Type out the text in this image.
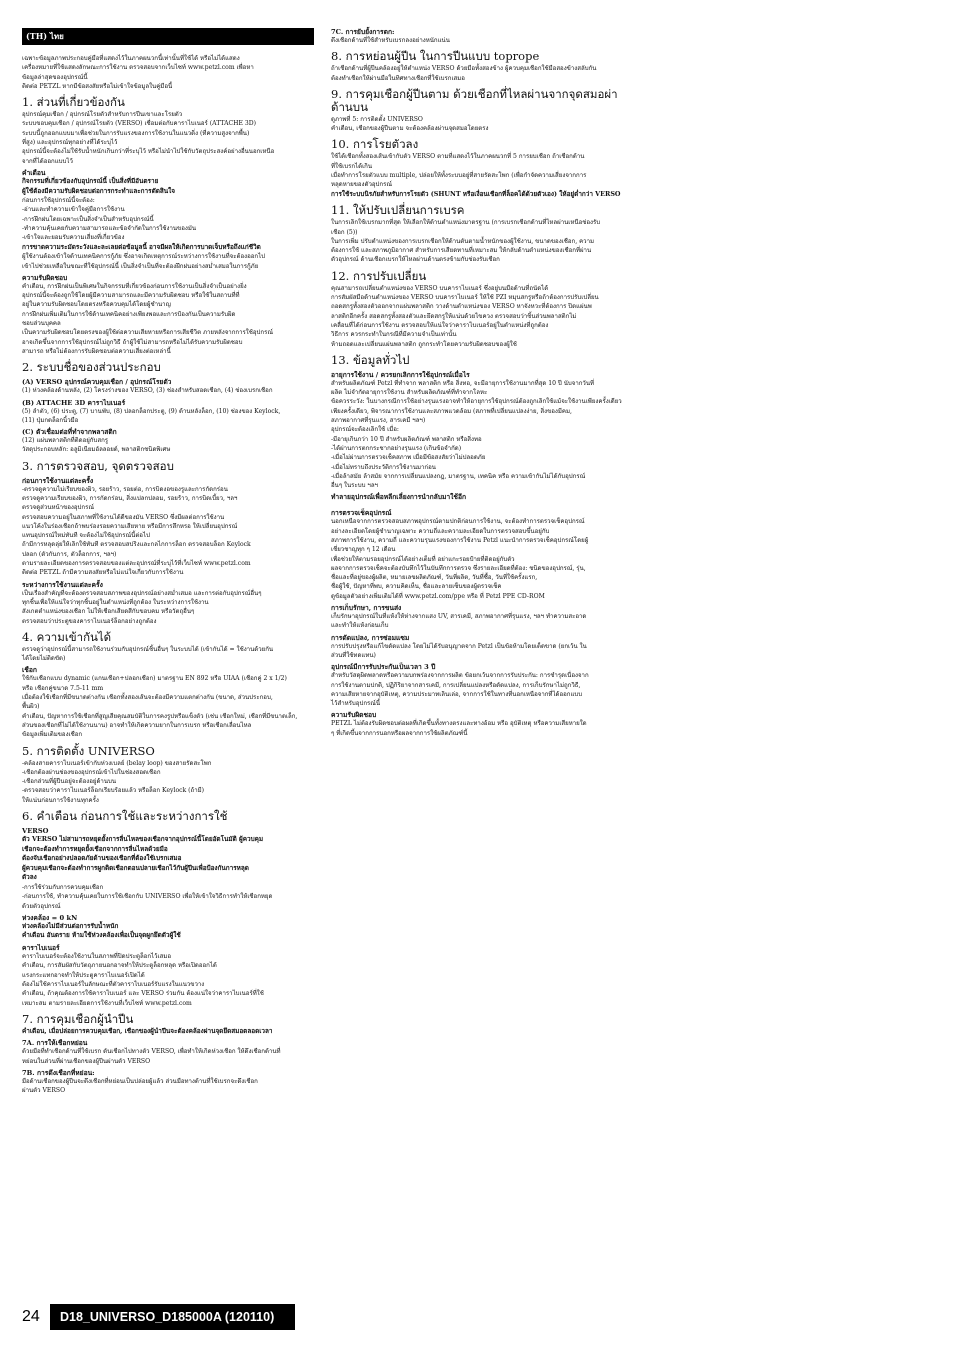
(TH) ไทย

เฉพาะข้อมูลภาพประกอบคู่มือที่แสดงไว้ในภาคผนวกนี้เท่านั้นที่ใช้ได้ หรือไม่ได้แสดง

เครื่องหมายที่ใช้แสดงลักษณะการใช้งาน ตรวจสอบจากเว็บไซท์ www.petzl.com เพื่อหา

ข้อมูลล่าสุดของอุปกรณ์นี้

ติดต่อ PETZL หากมีข้อสงสัยหรือไม่เข้าใจข้อมูลในคู่มือนี้

1. ส่วนที่เกี่ยวข้องกัน

อุปกรณ์คุมเชือก / อุปกรณ์โรยตัวสำหรับการปีนเขาและโรยตัว

ระบบขอบคุมเชือก / อุปกรณ์โรยตัว (VERSO) เชื่อมต่อกับคาราไบเนอร์ (ATTACHE 3D)

ระบบนี้ถูกออกแบบมาเพื่อช่วยในการรับแรงของการใช้งานในแนวดิ่ง (ที่ความสูงจากพื้น)

ที่สูง) และอุปกรณ์ทุกอย่างที่ได้ระบุไว้

อุปกรณ์นี้จะต้องไม่ใช้รับน้ำหนักเกินกว่าที่ระบุไว้ หรือไม่นำไปใช้กับวัตถุประสงค์อย่างอื่นนอกเหนือ

จากที่ได้ออกแบบไว้

คำเตือน

กิจกรรมที่เกี่ยวข้องกับอุปกรณ์นี้ เป็นสิ่งที่มีอันตราย

ผู้ใช้ต้องมีความรับผิดชอบต่อการกระทำและการตัดสินใจ

ก่อนการใช้อุปกรณ์นี้จะต้อง:

-อ่านและทำความเข้าใจคู่มือการใช้งาน

-การฝึกฝนโดยเฉพาะเป็นสิ่งจำเป็นสำหรับอุปกรณ์นี้

-ทำความคุ้นเคยกับความสามารถและข้อจำกัดในการใช้งานของมัน

-เข้าใจและยอมรับความเสี่ยงที่เกี่ยวข้อง

การขาดความระมัดระวังและละเลยต่อข้อมูลนี้ อาจมีผลให้เกิดการบาดเจ็บหรือถึงแก่ชีวิต

ผู้ใช้งานต้องเข้าใจด้านเทคนิคการกู้ภัย ซึ่งอาจเกิดเหตุการณ์ระหว่างการใช้งานที่จะต้องออกไป

เข้าไปช่วยเหลือในขณะที่ใช้อุปกรณ์นี้ เป็นสิ่งจำเป็นที่จะต้องฝึกฝนอย่างสม่ำเสมอในการกู้ภัย

ความรับผิดชอบ

คำเตือน, การฝึกฝนเป็นพิเศษในกิจกรรมที่เกี่ยวข้องก่อนการใช้งานเป็นสิ่งจำเป็นอย่างยิ่ง

อุปกรณ์นี้จะต้องถูกใช้โดยผู้มีความสามารถและมีความรับผิดชอบ หรือใช้ในสถานที่ที่

อยู่ในความรับผิดชอบโดยตรงหรือควบคุมได้โดยผู้ชำนาญ

การฝึกฝนเพิ่มเติมในการใช้ด้านเทคนิคอย่างเพียงพอและการป้องกันเป็นความรับผิด

ชอบส่วนบุคคล

เป็นความรับผิดชอบโดยตรงของผู้ใช้ต่อความเสียหายหรือการเสียชีวิต ภายหลังจากการใช้อุปกรณ์

อาจเกิดขึ้นจากการใช้อุปกรณ์ไม่ถูกวิธี ถ้าผู้ใช้ไม่สามารถหรือไม่ได้รับความรับผิดชอบ

สามารถ หรือไม่ต้องการรับผิดชอบต่อความเสี่ยงต่อเหล่านี้

2. ระบบชื่อของส่วนประกอบ
(A) VERSO อุปกรณ์ควบคุมเชือก / อุปกรณ์โรยตัว

(1) ห่วงคล้องด้านหลัง, (2) โครงร่างของ VERSO, (3) ช่องสำหรับสอดเชือก, (4) ช่องเบรกเชือก

(B) ATTACHE 3D คาราไบเนอร์

(5) ลำตัว, (6) ประตู, (7) บานพับ, (8) ปลอกล็อกประตู, (9) ด้านหลังล็อก, (10) ช่องของ Keylock,

(11) ปุ่มกดล็อกนิ้วมือ

(C) ตัวเชื่อมต่อที่ทำจากพลาสติก

(12) แผ่นพลาสติกที่ติดอยู่กับสกรู

วัสดุประกอบหลัก: อลูมิเนียมอัลลอยด์, พลาสติกชนิดพิเศษ

3. การตรวจสอบ, จุดตรวจสอบ
ก่อนการใช้งานแต่ละครั้ง

-ตรวจดูความไม่เรียบของผิว, รอยร้าว, รอยต่อ, การบิดงอของรูและการกัดกร่อน

ตรวจดูความเรียบของผิว, การกัดกร่อน, สิ่งแปลกปลอม, รอยร้าว, การบิดเบี้ยว, ฯลฯ

ตรวจดูส่วนหน้าของอุปกรณ์

ตรวจสอบความอยู่ในสภาพที่ใช้งานได้ดีของมัน VERSO ซึ่งมีผลต่อการใช้งาน

แนวโค้งในร่องเชือกถ้าพบร่องรอยความเสียหาย หรือมีการสึกหรอ ให้เปลี่ยนอุปกรณ์

แทนอุปกรณ์ใหม่ทันที จะต้องไม่ใช้อุปกรณ์นี้ต่อไป

ถ้ามีการหลุดลุ่ยให้เลิกใช้ทันที ตรวจสอบสปริงและกลไกการล็อก ตรวจสอบล็อก Keylock

ปลอก (ตัวกันการ, ตัวล็อกการ, ฯลฯ)

ตามรายละเอียดของการตรวจสอบของแต่ละอุปกรณ์ที่ระบุไว้ที่เว็บไซท์ www.petzl.com

ติดต่อ PETZL ถ้ามีความสงสัยหรือไม่แน่ใจเกี่ยวกับการใช้งาน

ระหว่างการใช้งานแต่ละครั้ง

เป็นเรื่องสำคัญที่จะต้องตรวจสอบสภาพของอุปกรณ์อย่างสม่ำเสมอ และการต่อกับอุปกรณ์อื่นๆ

ทุกชิ้นเพื่อให้แน่ใจว่าทุกชิ้นอยู่ในตำแหน่งที่ถูกต้อง ในระหว่างการใช้งาน

สังเกตตำแหน่งของเชือก ไม่ให้เชือกเสียดสีกับขอบคม หรือวัตถุอื่นๆ

ตรวจสอบว่าประตูของคาราไบเนอร์ล็อกอย่างถูกต้อง

4. ความเข้ากันได้

ตรวจดูว่าอุปกรณ์นี้สามารถใช้งานร่วมกับอุปกรณ์ชิ้นอื่นๆ ในระบบได้ (เข้ากันได้ = ใช้งานด้วยกัน

ได้โดยไม่ติดขัด)

เชือก

ใช้กับเชือกแบบ dynamic (แกนเชือก+ปลอกเชือก) มาตรฐาน EN 892 หรือ UIAA (เชือกคู่ 2 x 1/2)

หรือ เชือกคู่ขนาด 7.5-11 mm

เมื่อต้องใช้เชือกที่มีขนาดต่างกัน เชือกทั้งสองเส้นจะต้องมีความแตกต่างกัน (ขนาด, ส่วนประกอบ,

พื้นผิว)

คำเตือน, ปัญหาการใช้เชือกที่สูญเสียคุณสมบัติในการคงรูปหรือแข็งตัว (เช่น เชือกใหม่, เชือกที่มีขนาดเล็ก,

ส่วนของเชือกที่ไม่ได้ใช้งานนาน) อาจทำให้เกิดความยากในการเบรก หรือเชือกเลื่อนไหล

ข้อมูลเพิ่มเติมของเชือก

5. การติดตั้ง UNIVERSO

-คล้องสายคาราไบเนอร์เข้ากับห่วงเบลย์ (belay loop) ของสายรัดสะโพก

-เชือกต้องผ่านช่องของอุปกรณ์เข้าไปในช่องสอดเชือก

-เชือกส่วนที่ผู้ปีนอยู่จะต้องอยู่ด้านบน

-ตรวจสอบว่าคาราไบเนอร์ล็อกเรียบร้อยแล้ว หรือล็อก Keylock (ถ้ามี)

ให้แน่นก่อนการใช้งานทุกครั้ง

6. คำเตือน ก่อนการใช้และระหว่างการใช้
VERSO

ตัว VERSO ไม่สามารถหยุดยั้งการลื่นไหลของเชือกจากอุปกรณ์นี้โดยอัตโนมัติ ผู้ควบคุม

เชือกจะต้องทำการหยุดยั้งเชือกจากการลื่นไหลด้วยมือ

ต้องจับเชือกอย่างปลอดภัยด้านของเชือกที่ต้องใช้เบรกเสมอ

ผู้ควบคุมเชือกจะต้องทำการผูกติดเชือกตอนปลายเชือกไว้กับผู้ปีนเพื่อป้องกันการหลุด

ตัวลง

-การใช้ร่วมกับการควบคุมเชือก

-ก่อนการใช้, ทำความคุ้นเคยในการใช้เชือกกับ UNIVERSO เพื่อให้เข้าใจวิธีการทำให้เชือกหยุด

ด้วยตัวอุปกรณ์

ห่วงคล้อง = 0 kN

ห่วงคล้องไม่มีส่วนต่อการรับน้ำหนัก

คำเตือน อันตราย ห้ามใช้ห่วงคล้องเพื่อเป็นจุดผูกยึดตัวผู้ใช้

คาราไบเนอร์

คาราไบเนอร์จะต้องใช้งานในสภาพที่ปิดประตูล็อกไว้เสมอ

คำเตือน, การสัมผัสกับวัตถุภายนอกอาจทำให้ประตูล็อกหลุด หรือเปิดออกได้

แรงกระแทกอาจทำให้ประตูคาราไบเนอร์เปิดได้

ต้องไม่ใช้คาราไบเนอร์ในลักษณะที่ตัวคาราไบเนอร์รับแรงในแนวขวาง

คำเตือน, ถ้าคุณต้องการใช้คาราไบเนอร์ และ VERSO ร่วมกัน ต้องแน่ใจว่าคาราไบเนอร์ที่ใช้

เหมาะสม ตามรายละเอียดการใช้งานที่เว็บไซท์ www.petzl.com

7. การคุมเชือกผู้นำปีน

คำเตือน, เมื่อปล่อยการควบคุมเชือก, เชือกของผู้นำปีนจะต้องคล้องผ่านจุดยึดสมอตลอดเวลา

7A. การให้เชือกหย่อน

ด้วยมือที่ทำเชือกด้านที่ใช้เบรก ดันเชือกไปทางตัว VERSO, เพื่อทำให้เกิดห่วงเชือก ให้ดึงเชือกด้านที่

หย่อนในส่วนที่ผ่านเชือกของผู้ปีนผ่านตัว VERSO

7B. การดึงเชือกที่หย่อน:

มือด้านเชือกของผู้ปีนจะดึงเชือกที่หย่อนเป็นปล่อยผู้แล้ว ส่วนมือทางด้านที่ใช้เบรกจะดึงเชือก

ผ่านตัว VERSO

7C. การยับยั้งการตก:

ดึงเชือกด้านที่ใช้สำหรับเบรกลงอย่างหนักแน่น

8. การหย่อนผู้ปีน ในการปีนแบบ toprope

ถ้าเชือกด้านที่ผู้ปีนคล้องอยู่ให้ตำแหน่ง VERSO ด้วยมือทั้งสองข้าง ผู้ควบคุมเชือกใช้มือสองข้างสลับกัน

ต้องทำเชือกให้ผ่านมือในทิศทางเชือกที่ใช้เบรกเสมอ

9. การคุมเชือกผู้ปีนตาม ด้วยเชือกที่ไหลผ่านจากจุดสมอผ่าด้านบน

ดูภาพที่ 5: การติดตั้ง UNIVERSO

คำเตือน, เชือกของผู้ปีนตาม จะต้องคล้องผ่านจุดสมอโดยตรง

10. การโรยตัวลง

ใช้ได้เชือกทั้งสองเส้นเข้ากับตัว VERSO ตามที่แสดงไว้ในภาคผนวกที่ 5 การยบเชือก ถ้าเชือกด้าน

ที่ใช้เบรกได้เกิน

เมื่อทำการโรยตัวแบบ multiple, ปล่อยให้ทั้งระบบอยู่ที่สายรัดสะโพก (เพื่อกำจัดความเสี่ยงจากการ

หลุดหายของตัวอุปกรณ์

การใช้ระบบนิรภัยสำหรับการโรยตัว (SHUNT หรือเงื่อนเชือกที่ล็อคได้ด้วยตัวเอง) ให้อยู่ต่ำกว่า VERSO

11. ให้ปรับเปลี่ยนการเบรค

ในการเลิกใช้เบรกมากที่สุด ให้เลือกให้ด้านตำแหน่งมาตรฐาน (การเบรกเชือกด้านที่ไหลผ่านเหนือช่องรับ

เชือก (5))

ในการเพิ่ม ปรับตำแหน่งของการเบรกเชือกให้ด้านตันตามน้ำหนักของผู้ใช้งาน, ขนาดของเชือก, ความ

ต้องการใช้ และสภาพภูมิอากาศ สำหรับการเสียดทานที่เหมาะสม ให้กลับด้านตำแหน่งของเชือกที่ผ่าน

ตัวอุปกรณ์ ด้านเชือกเบรกให้ไหลผ่านด้านตรงข้ามกับช่องรับเชือก

12. การปรับเปลี่ยน

คุณสามารถเปลี่ยนตำแหน่งของ VERSO บนคาราไบเนอร์ ซึ่งอยู่บนมือด้านที่ถนัดได้

การสัมผัสมือด้านตำแหน่งของ VERSO บนคาราไบเนอร์ ให้ใช้ PZI หมุนสกรูหรือถ้าต้องการปรับเปลี่ยน

ถอดสกรูทั้งสองตัวออกจากแผ่นพลาสติก วางด้านตำแหน่งของ VERSO หาจังหวะที่ต้องการ ปิดแผ่นพ

ลาสติกอีกครั้ง สอดสกรูทั้งสองตัวและยึดสกรูให้แน่นด้วยไขควง ตรวจสอบว่าชิ้นส่วนพลาสติกไม่

เคลื่อนที่ได้ก่อนการใช้งาน ตรวจสอบให้แน่ใจว่าคาราไบเนอร์อยู่ในตำแหน่งที่ถูกต้อง

วิธีการ ควรกระทำในกรณีที่มีความจำเป็นเท่านั้น

ห้ามถอดและเปลี่ยนแผ่นพลาสติก ถูกกระทำโดยความรับผิดชอบของผู้ใช้

13. ข้อมูลทั่วไป
อายุการใช้งาน / ควรยกเลิกการใช้อุปกรณ์เมื่อไร

สำหรับผลิตภัณฑ์ Petzl ที่ทำจาก พลาสติก หรือ สิ่งทอ, จะมีอายุการใช้งานมากที่สุด 10 ปี นับจากวันที่

ผลิต ไม่จำกัดอายุการใช้งาน สำหรับผลิตภัณฑ์ที่ทำจากโลหะ

ข้อควรระวัง: ในบางกรณีการใช้อย่างรุนแรงอาจทำให้อายุการใช้อุปกรณ์ต้องถูกเลิกใช้แม้จะใช้งานเพียงครั้งเดียว

เพียงครั้งเดียว, พิจารณาการใช้งานและสภาพแวดล้อม (สภาพที่เปลี่ยนแปลงง่าย, สิ่งของมีคม,

สภาพอากาศที่รุนแรง, สารเคมี ฯลฯ)

อุปกรณ์จะต้องเลิกใช้ เมื่อ:

-มีอายุเกินกว่า 10 ปี สำหรับผลิตภัณฑ์ พลาสติก หรือสิ่งทอ

-ได้ผ่านการตกกระชากอย่างรุนแรง (เกินข้อจำกัด)

-เมื่อไม่ผ่านการตรวจเช็คสภาพ เมื่อมีข้อสงสัยว่าไม่ปลอดภัย

-เมื่อไม่ทราบถึงประวัติการใช้งานมาก่อน

-เมื่อล้าสมัย ล้าสมัย จากการเปลี่ยนแปลงกฎ, มาตรฐาน, เทคนิค หรือ ความเข้ากันไม่ได้กับอุปกรณ์

อื่นๆ ในระบบ ฯลฯ

ทำลายอุปกรณ์เพื่อหลีกเลี่ยงการนำกลับมาใช้อีก
การตรวจเช็คอุปกรณ์

นอกเหนือจากการตรวจสอบสภาพอุปกรณ์ตามปกติก่อนการใช้งาน, จะต้องทำการตรวจเช็คอุปกรณ์

อย่างละเอียดโดยผู้ชำนาญเฉพาะ ความถี่และความละเอียดในการตรวจสอบขึ้นอยู่กับ

สภาพการใช้งาน, ความถี่ และความรุนแรงของการใช้งาน Petzl แนะนำการตรวจเช็คอุปกรณ์โดยผู้

เชี่ยวชาญทุก ๆ 12 เดือน

เพื่อช่วยให้ตามรอยอุปกรณ์ได้อย่างเต็มที่ อย่าแกะรอยป้ายที่ติดอยู่กับตัว

ผลจากการตรวจเช็คจะต้องบันทึกไว้ในบันทึกการตรวจ ซึ่งรายละเอียดที่ต้อง: ชนิดของอุปกรณ์, รุ่น,

ชื่อและที่อยู่ของผู้ผลิต, หมายเลขผลิตภัณฑ์, วันที่ผลิต, วันที่ซื้อ, วันที่ใช้ครั้งแรก,

ชื่อผู้ใช้, ปัญหาที่พบ, ความคิดเห็น, ชื่อและลายเซ็นของผู้ตรวจเช็ค

ดูข้อมูลตัวอย่างเพิ่มเติมได้ที่ www.petzl.com/ppe หรือ ที่ Petzl PPE CD-ROM

การเก็บรักษา, การขนส่ง

เก็บรักษาอุปกรณ์ในที่แห้งให้ห่างจากแสง UV, สารเคมี, สภาพอากาศที่รุนแรง, ฯลฯ ทำความสะอาด

และทำให้แห้งก่อนเก็บ

การดัดแปลง, การซ่อมแซม

การปรับปรุงหรือแก้ไขดัดแปลง โดยไม่ได้รับอนุญาตจาก Petzl เป็นข้อห้ามโดยเด็ดขาด (ยกเว้น ใน

ส่วนที่ใช้ทดแทน)

อุปกรณ์มีการรับประกันเป็นเวลา 3 ปี

สำหรับวัสดุผิดพลาดหรือความบกพร่องจากการผลิต ข้อยกเว้นจากการรับประกัน: การชำรุดเนื่องจาก

การใช้งานตามปกติ, ปฏิกิริยาจากสารเคมี, การเปลี่ยนแปลงหรือดัดแปลง, การเก็บรักษาไม่ถูกวิธี,

ความเสียหายจากอุบัติเหตุ, ความประมาทเลินเล่อ, จากการใช้ในทางที่นอกเหนือจากที่ได้ออกแบบ

ไว้สำหรับอุปกรณ์นี้

ความรับผิดชอบ

PETZL ไม่ต้องรับผิดชอบต่อผลที่เกิดขึ้นทั้งทางตรงและทางอ้อม หรือ อุบัติเหตุ หรือความเสียหายใด

ๆ ที่เกิดขึ้นจากการนอกหรือผลจากการใช้ผลิตภัณฑ์นี้

24	D18_UNIVERSO_D185000A (120110)
